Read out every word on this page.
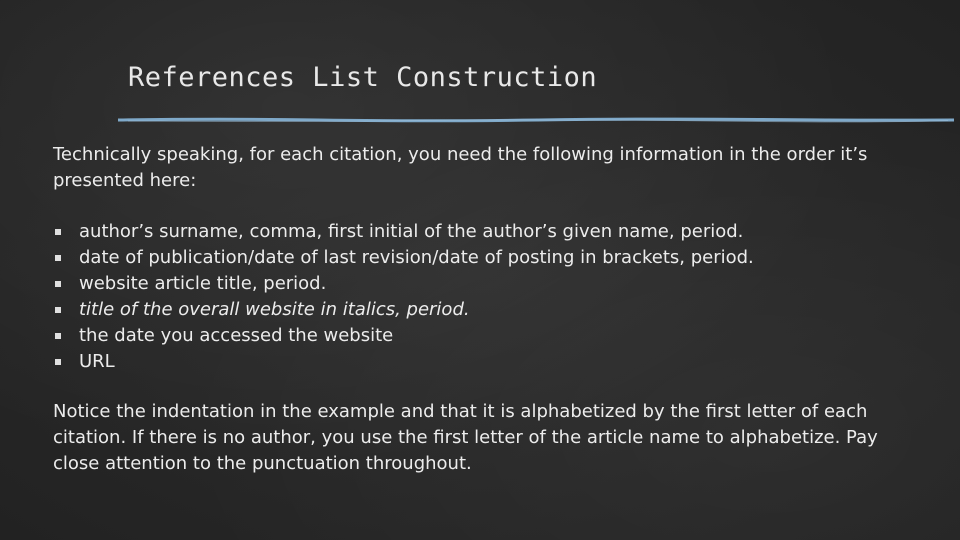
References List Construction
Technically speaking, for each citation, you need the following information in the order it’s presented here:
author’s surname, comma, first initial of the author’s given name, period.
date of publication/date of last revision/date of posting in brackets, period.
website article title, period.
title of the overall website in italics, period.
the date you accessed the website
URL
Notice the indentation in the example and that it is alphabetized by the first letter of each citation. If there is no author, you use the first letter of the article name to alphabetize. Pay close attention to the punctuation throughout.
